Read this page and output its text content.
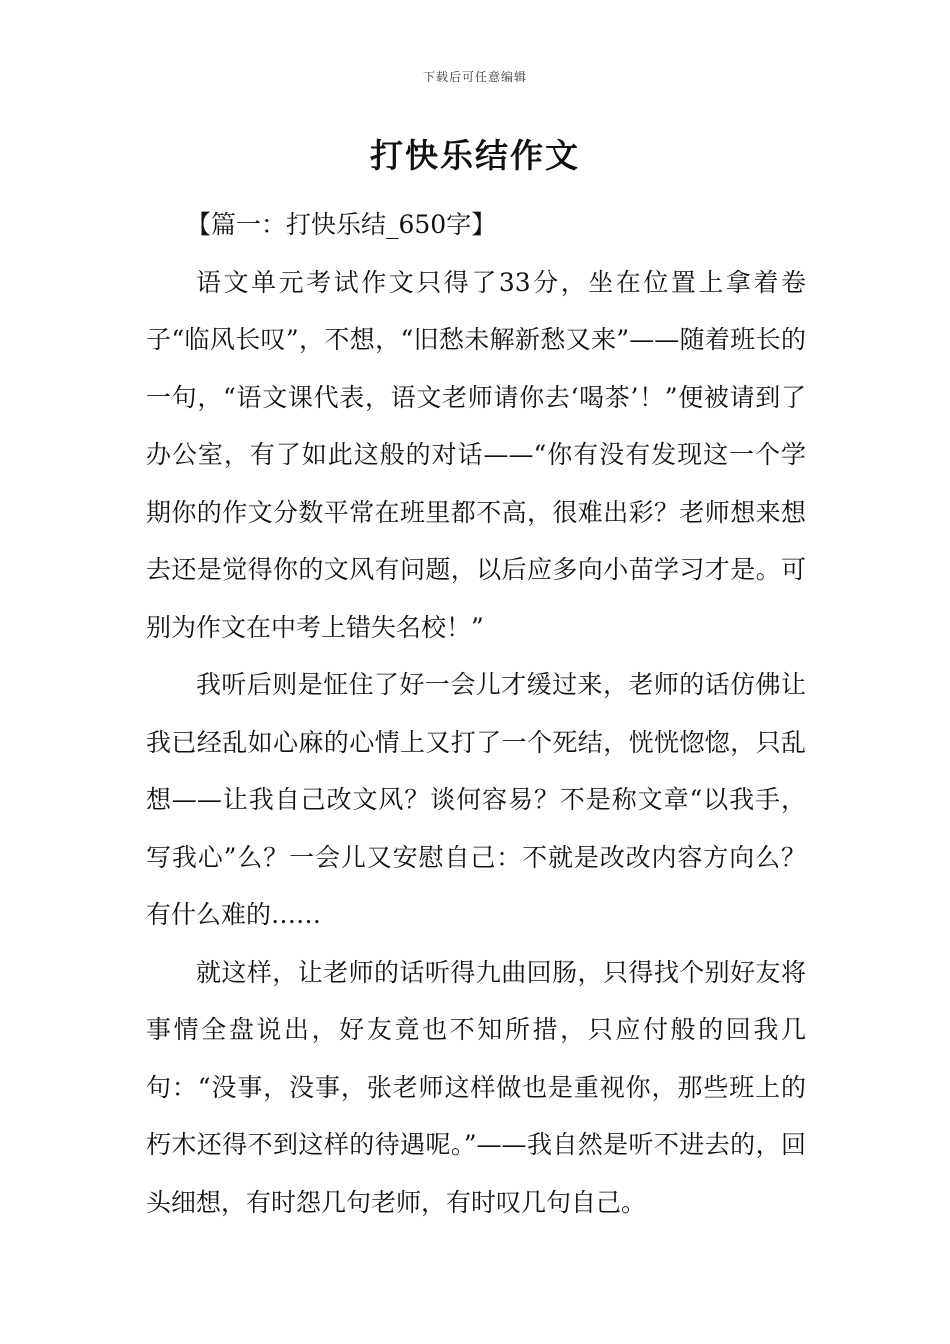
下载后可任意编辑
打快乐结作文

【篇一：打快乐结_650字】

语文单元考试作文只得了33分，坐在位置上拿着卷子“临风长叹”，不想，“旧愁未解新愁又来”——随着班长的一句，“语文课代表，语文老师请你去‘喝茶’！”便被请到了办公室，有了如此这般的对话——“你有没有发现这一个学期你的作文分数平常在班里都不高，很难出彩？老师想来想去还是觉得你的文风有问题，以后应多向小苗学习才是。可别为作文在中考上错失名校！”

我听后则是怔住了好一会儿才缓过来，老师的话仿佛让我已经乱如心麻的心情上又打了一个死结，恍恍惚惚，只乱想——让我自己改文风？谈何容易？不是称文章“以我手，写我心”么？一会儿又安慰自己：不就是改改内容方向么？有什么难的……

就这样，让老师的话听得九曲回肠，只得找个别好友将事情全盘说出，好友竟也不知所措，只应付般的回我几句：“没事，没事，张老师这样做也是重视你，那些班上的朽木还得不到这样的待遇呢。”——我自然是听不进去的，回头细想，有时怨几句老师，有时叹几句自己。
